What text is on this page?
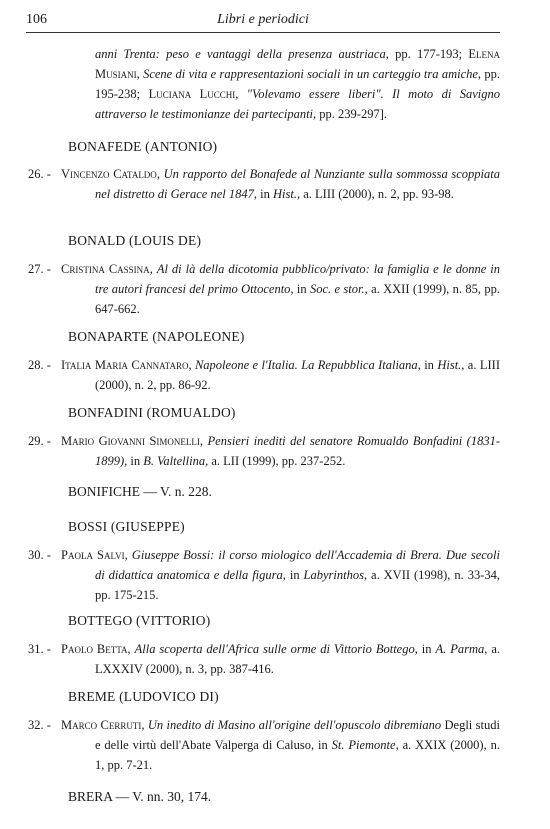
106	Libri e periodici
anni Trenta: peso e vantaggi della presenza austriaca, pp. 177-193; Elena Musiani, Scene di vita e rappresentazioni sociali in un carteggio tra amiche, pp. 195-238; Luciana Lucchi, "Volevamo essere liberi". Il moto di Savigno attraverso le testimonianze dei partecipanti, pp. 239-297].
BONAFEDE (ANTONIO)
26. - Vincenzo Cataldo, Un rapporto del Bonafede al Nunziante sulla sommossa scoppiata nel distretto di Gerace nel 1847, in Hist., a. LIII (2000), n. 2, pp. 93-98.
BONALD (LOUIS DE)
27. - Cristina Cassina, Al di là della dicotomia pubblico/privato: la famiglia e le donne in tre autori francesi del primo Ottocento, in Soc. e stor., a. XXII (1999), n. 85, pp. 647-662.
BONAPARTE (NAPOLEONE)
28. - Italia Maria Cannataro, Napoleone e l'Italia. La Repubblica Italiana, in Hist., a. LIII (2000), n. 2, pp. 86-92.
BONFADINI (ROMUALDO)
29. - Mario Giovanni Simonelli, Pensieri inediti del senatore Romualdo Bonfadini (1831-1899), in B. Valtellina, a. LII (1999), pp. 237-252.
BONIFICHE — V. n. 228.
BOSSI (GIUSEPPE)
30. - Paola Salvi, Giuseppe Bossi: il corso miologico dell'Accademia di Brera. Due secoli di didattica anatomica e della figura, in Labyrinthos, a. XVII (1998), n. 33-34, pp. 175-215.
BOTTEGO (VITTORIO)
31. - Paolo Betta, Alla scoperta dell'Africa sulle orme di Vittorio Bottego, in A. Parma, a. LXXXIV (2000), n. 3, pp. 387-416.
BREME (LUDOVICO DI)
32. - Marco Cerruti, Un inedito di Masino all'origine dell'opuscolo dibremiano Degli studi e delle virtù dell'Abate Valperga di Caluso, in St. Piemonte, a. XXIX (2000), n. 1, pp. 7-21.
BRERA — V. nn. 30, 174.
